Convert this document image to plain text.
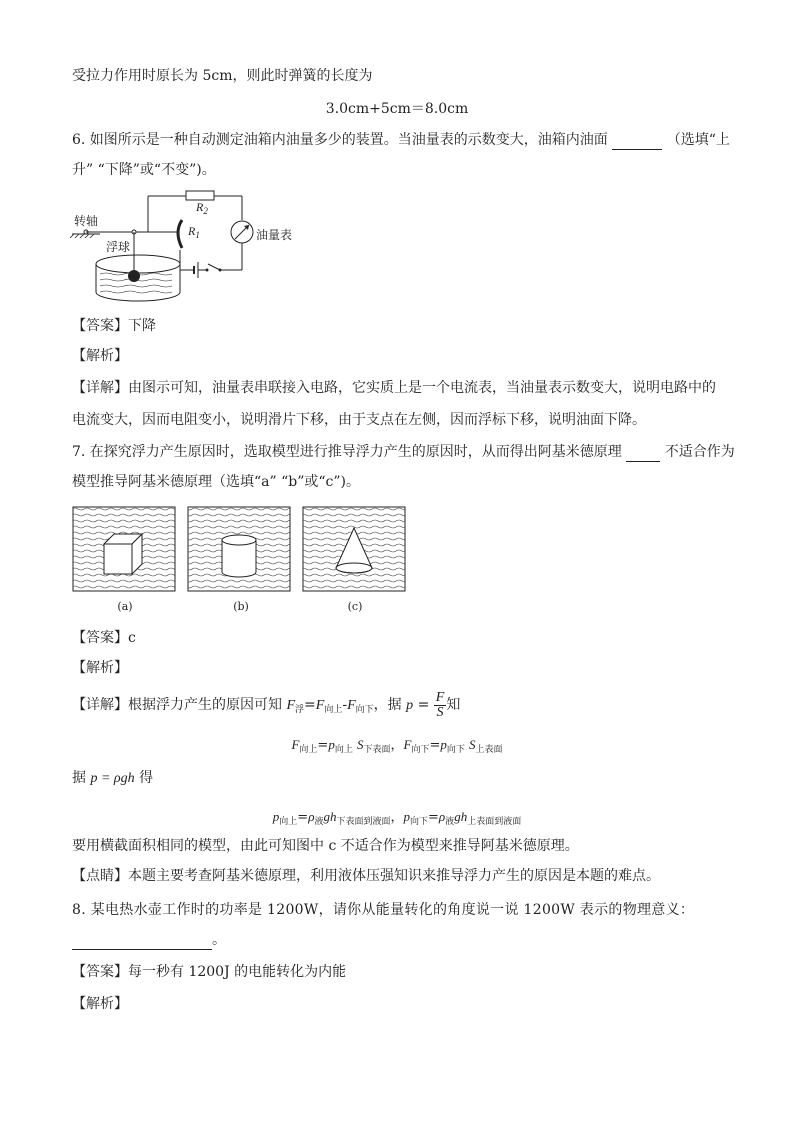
受拉力作用时原长为 5cm，则此时弹簧的长度为
3.0cm+5cm＝8.0cm
6. 如图所示是一种自动测定油箱内油量多少的装置。当油量表的示数变大，油箱内油面	（选填“上
升” “下降”或“不变”)。
转轴
浮球
$R_1$
$R_2$
油量表
【答案】下降
【解析】
【详解】由图示可知，油量表串联接入电路，它实质上是一个电流表，当油量表示数变大，说明电路中的
电流变大，因而电阻变小，说明滑片下移，由于支点在左侧，因而浮标下移，说明油面下降。
7. 在探究浮力产生原因时，选取模型进行推导浮力产生的原因时，从而得出阿基米德原理	不适合作为
模型推导阿基米德原理（选填“a” “b”或“c”)。
(a)	(b)	(c)
【答案】c
【解析】
【详解】根据浮力产生的原因可知 $F_浮=F_{向上}-F_{向下}$，据 $p = \frac{F}{S}$ 知
$F_{向上}=p_{向上}$ $S_{下表面}$，$F_{向下}=p_{向下}$ $S_{上表面}$
据 p = ρgh 得
$p_{向上}=\rho_液gh_{下表面到液面}$，$p_{向下}=\rho_液gh_{上表面到液面}$
要用横截面积相同的模型，由此可知图中 c 不适合作为模型来推导阿基米德原理。
【点睛】本题主要考查阿基米德原理，利用液体压强知识来推导浮力产生的原因是本题的难点。
8. 某电热水壶工作时的功率是 1200W，请你从能量转化的角度说一说 1200W 表示的物理意义：
。
【答案】每一秒有 1200J 的电能转化为内能
【解析】
